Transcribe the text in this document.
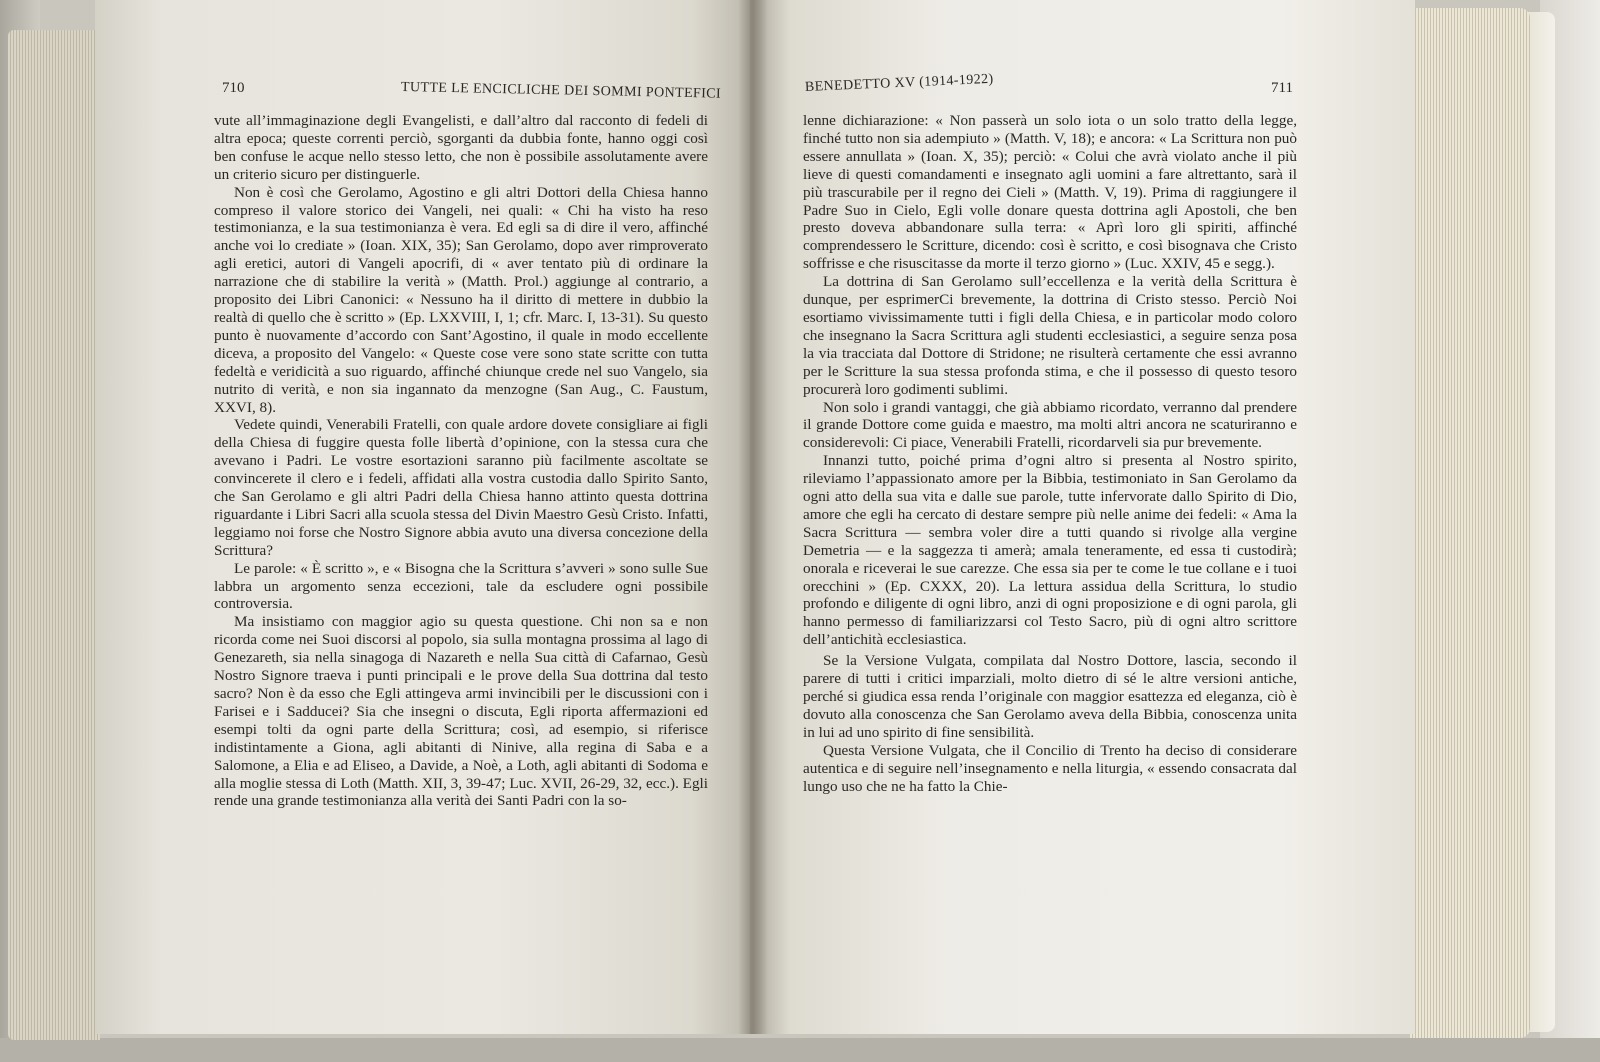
710	TUTTE LE ENCICLICHE DEI SOMMI PONTEFICI	BENEDETTO XV (1914-1922)	711

vute all’immaginazione degli Evangelisti, e dall’altro dal racconto di fedeli di altra epoca; queste correnti perciò, sgorganti da dubbia fonte, hanno oggi così ben confuse le acque nello stesso letto, che non è possibile assolutamente avere un criterio sicuro per distinguerle.

Non è così che Gerolamo, Agostino e gli altri Dottori della Chiesa hanno compreso il valore storico dei Vangeli, nei quali: « Chi ha visto ha reso testimonianza, e la sua testimonianza è vera. Ed egli sa di dire il vero, affinché anche voi lo crediate » (Ioan. XIX, 35); San Gerolamo, dopo aver rimproverato agli eretici, autori di Vangeli apocrifi, di « aver tentato più di ordinare la narrazione che di stabilire la verità » (Matth. Prol.) aggiunge al contrario, a proposito dei Libri Canonici: « Nessuno ha il diritto di mettere in dubbio la realtà di quello che è scritto » (Ep. LXXVIII, I, 1; cfr. Marc. I, 13-31). Su questo punto è nuovamente d’accordo con Sant’Agostino, il quale in modo eccellente diceva, a proposito del Vangelo: « Queste cose vere sono state scritte con tutta fedeltà e veridicità a suo riguardo, affinché chiunque crede nel suo Vangelo, sia nutrito di verità, e non sia ingannato da menzogne (San Aug., C. Faustum, XXVI, 8).

Vedete quindi, Venerabili Fratelli, con quale ardore dovete consigliare ai figli della Chiesa di fuggire questa folle libertà d’opinione, con la stessa cura che avevano i Padri. Le vostre esortazioni saranno più facilmente ascoltate se convincerete il clero e i fedeli, affidati alla vostra custodia dallo Spirito Santo, che San Gerolamo e gli altri Padri della Chiesa hanno attinto questa dottrina riguardante i Libri Sacri alla scuola stessa del Divin Maestro Gesù Cristo. Infatti, leggiamo noi forse che Nostro Signore abbia avuto una diversa concezione della Scrittura?

Le parole: « È scritto », e « Bisogna che la Scrittura s’avveri » sono sulle Sue labbra un argomento senza eccezioni, tale da escludere ogni possibile controversia.

Ma insistiamo con maggior agio su questa questione. Chi non sa e non ricorda come nei Suoi discorsi al popolo, sia sulla montagna prossima al lago di Genezareth, sia nella sinagoga di Nazareth e nella Sua città di Cafarnao, Gesù Nostro Signore traeva i punti principali e le prove della Sua dottrina dal testo sacro? Non è da esso che Egli attingeva armi invincibili per le discussioni con i Farisei e i Sadducei? Sia che insegni o discuta, Egli riporta affermazioni ed esempi tolti da ogni parte della Scrittura; così, ad esempio, si riferisce indistintamente a Giona, agli abitanti di Ninive, alla regina di Saba e a Salomone, a Elia e ad Eliseo, a Davide, a Noè, a Loth, agli abitanti di Sodoma e alla moglie stessa di Loth (Matth. XII, 3, 39-47; Luc. XVII, 26-29, 32, ecc.). Egli rende una grande testimonianza alla verità dei Santi Padri con la so-

lenne dichiarazione: « Non passerà un solo iota o un solo tratto della legge, finché tutto non sia adempiuto » (Matth. V, 18); e ancora: « La Scrittura non può essere annullata » (Ioan. X, 35); perciò: « Colui che avrà violato anche il più lieve di questi comandamenti e insegnato agli uomini a fare altrettanto, sarà il più trascurabile per il regno dei Cieli » (Matth. V, 19). Prima di raggiungere il Padre Suo in Cielo, Egli volle donare questa dottrina agli Apostoli, che ben presto doveva abbandonare sulla terra: « Aprì loro gli spiriti, affinché comprendessero le Scritture, dicendo: così è scritto, e così bisognava che Cristo soffrisse e che risuscitasse da morte il terzo giorno » (Luc. XXIV, 45 e segg.).

La dottrina di San Gerolamo sull’eccellenza e la verità della Scrittura è dunque, per esprimerCi brevemente, la dottrina di Cristo stesso. Perciò Noi esortiamo vivissimamente tutti i figli della Chiesa, e in particolar modo coloro che insegnano la Sacra Scrittura agli studenti ecclesiastici, a seguire senza posa la via tracciata dal Dottore di Stridone; ne risulterà certamente che essi avranno per le Scritture la sua stessa profonda stima, e che il possesso di questo tesoro procurerà loro godimenti sublimi.

Non solo i grandi vantaggi, che già abbiamo ricordato, verranno dal prendere il grande Dottore come guida e maestro, ma molti altri ancora ne scaturiranno e considerevoli: Ci piace, Venerabili Fratelli, ricordarveli sia pur brevemente.

Innanzi tutto, poiché prima d’ogni altro si presenta al Nostro spirito, rileviamo l’appassionato amore per la Bibbia, testimoniato in San Gerolamo da ogni atto della sua vita e dalle sue parole, tutte infervorate dallo Spirito di Dio, amore che egli ha cercato di destare sempre più nelle anime dei fedeli: « Ama la Sacra Scrittura — sembra voler dire a tutti quando si rivolge alla vergine Demetria — e la saggezza ti amerà; amala teneramente, ed essa ti custodirà; onorala e riceverai le sue carezze. Che essa sia per te come le tue collane e i tuoi orecchini » (Ep. CXXX, 20). La lettura assidua della Scrittura, lo studio profondo e diligente di ogni libro, anzi di ogni proposizione e di ogni parola, gli hanno permesso di familiarizzarsi col Testo Sacro, più di ogni altro scrittore dell’antichità ecclesiastica.

Se la Versione Vulgata, compilata dal Nostro Dottore, lascia, secondo il parere di tutti i critici imparziali, molto dietro di sé le altre versioni antiche, perché si giudica essa renda l’originale con maggior esattezza ed eleganza, ciò è dovuto alla conoscenza che San Gerolamo aveva della Bibbia, conoscenza unita in lui ad uno spirito di fine sensibilità.

Questa Versione Vulgata, che il Concilio di Trento ha deciso di considerare autentica e di seguire nell’insegnamento e nella liturgia, « essendo consacrata dal lungo uso che ne ha fatto la Chie-
